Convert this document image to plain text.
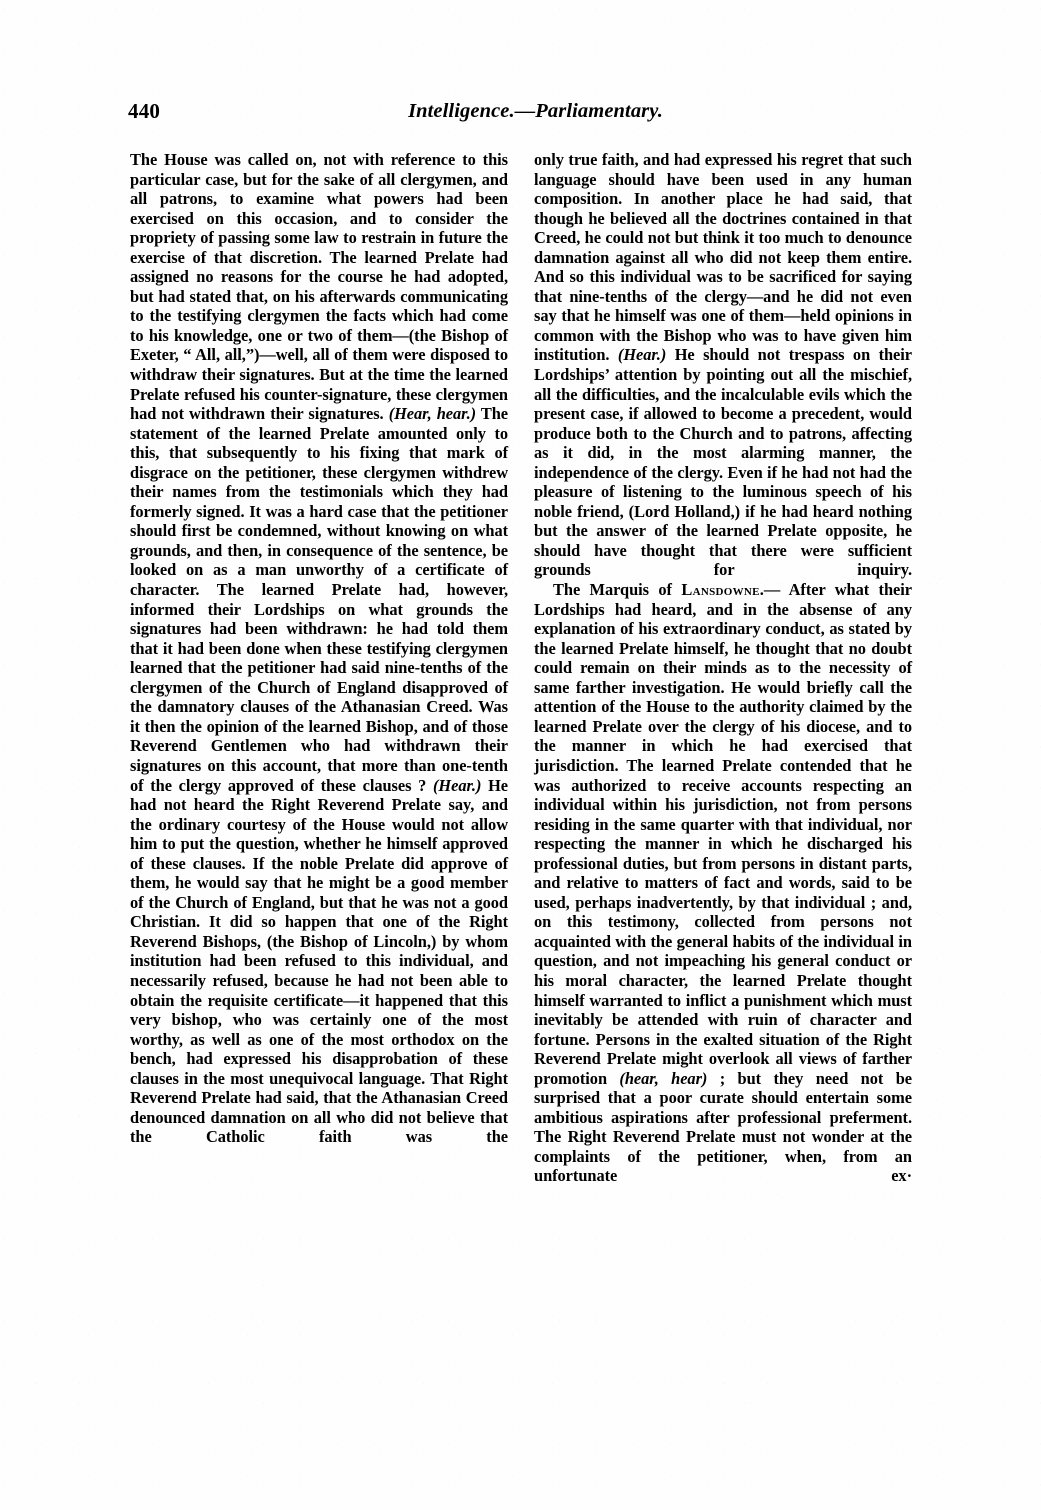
440	Intelligence.—Parliamentary.

The House was called on, not with reference to this particular case, but for the sake of all clergymen, and all patrons, to examine what powers had been exercised on this occasion, and to consider the propriety of passing some law to restrain in future the exercise of that discretion. The learned Prelate had assigned no reasons for the course he had adopted, but had stated that, on his afterwards communicating to the testifying clergymen the facts which had come to his knowledge, one or two of them—(the Bishop of Exeter, “ All, all,”)—well, all of them were disposed to withdraw their signatures. But at the time the learned Prelate refused his counter-signature, these clergymen had not withdrawn their signatures. (Hear, hear.) The statement of the learned Prelate amounted only to this, that subsequently to his fixing that mark of disgrace on the petitioner, these clergymen withdrew their names from the testimonials which they had formerly signed. It was a hard case that the petitioner should first be condemned, without knowing on what grounds, and then, in consequence of the sentence, be looked on as a man unworthy of a certificate of character. The learned Prelate had, however, informed their Lordships on what grounds the signatures had been withdrawn: he had told them that it had been done when these testifying clergymen learned that the petitioner had said nine-tenths of the clergymen of the Church of England disapproved of the damnatory clauses of the Athanasian Creed. Was it then the opinion of the learned Bishop, and of those Reverend Gentlemen who had withdrawn their signatures on this account, that more than one-tenth of the clergy approved of these clauses ? (Hear.) He had not heard the Right Reverend Prelate say, and the ordinary courtesy of the House would not allow him to put the question, whether he himself approved of these clauses. If the noble Prelate did approve of them, he would say that he might be a good member of the Church of England, but that he was not a good Christian. It did so happen that one of the Right Reverend Bishops, (the Bishop of Lincoln,) by whom institution had been refused to this individual, and necessarily refused, because he had not been able to obtain the requisite certificate—it happened that this very bishop, who was certainly one of the most worthy, as well as one of the most orthodox on the bench, had expressed his disapprobation of these clauses in the most unequivocal language. That Right Reverend Prelate had said, that the Athanasian Creed denounced damnation on all who did not believe that the Catholic faith was the

only true faith, and had expressed his regret that such language should have been used in any human composition. In another place he had said, that though he believed all the doctrines contained in that Creed, he could not but think it too much to denounce damnation against all who did not keep them entire. And so this individual was to be sacrificed for saying that nine-tenths of the clergy—and he did not even say that he himself was one of them—held opinions in common with the Bishop who was to have given him institution. (Hear.) He should not trespass on their Lordships’ attention by pointing out all the mischief, all the difficulties, and the incalculable evils which the present case, if allowed to become a precedent, would produce both to the Church and to patrons, affecting as it did, in the most alarming manner, the independence of the clergy. Even if he had not had the pleasure of listening to the luminous speech of his noble friend, (Lord Holland,) if he had heard nothing but the answer of the learned Prelate opposite, he should have thought that there were sufficient grounds for inquiry.

The Marquis of Lansdowne.— After what their Lordships had heard, and in the absense of any explanation of his extraordinary conduct, as stated by the learned Prelate himself, he thought that no doubt could remain on their minds as to the necessity of same farther investigation. He would briefly call the attention of the House to the authority claimed by the learned Prelate over the clergy of his diocese, and to the manner in which he had exercised that jurisdiction. The learned Prelate contended that he was authorized to receive accounts respecting an individual within his jurisdiction, not from persons residing in the same quarter with that individual, nor respecting the manner in which he discharged his professional duties, but from persons in distant parts, and relative to matters of fact and words, said to be used, perhaps inadvertently, by that individual ; and, on this testimony, collected from persons not acquainted with the general habits of the individual in question, and not impeaching his general conduct or his moral character, the learned Prelate thought himself warranted to inflict a punishment which must inevitably be attended with ruin of character and fortune. Persons in the exalted situation of the Right Reverend Prelate might overlook all views of farther promotion (hear, hear) ; but they need not be surprised that a poor curate should entertain some ambitious aspirations after professional preferment. The Right Reverend Prelate must not wonder at the complaints of the petitioner, when, from an unfortunate ex·
